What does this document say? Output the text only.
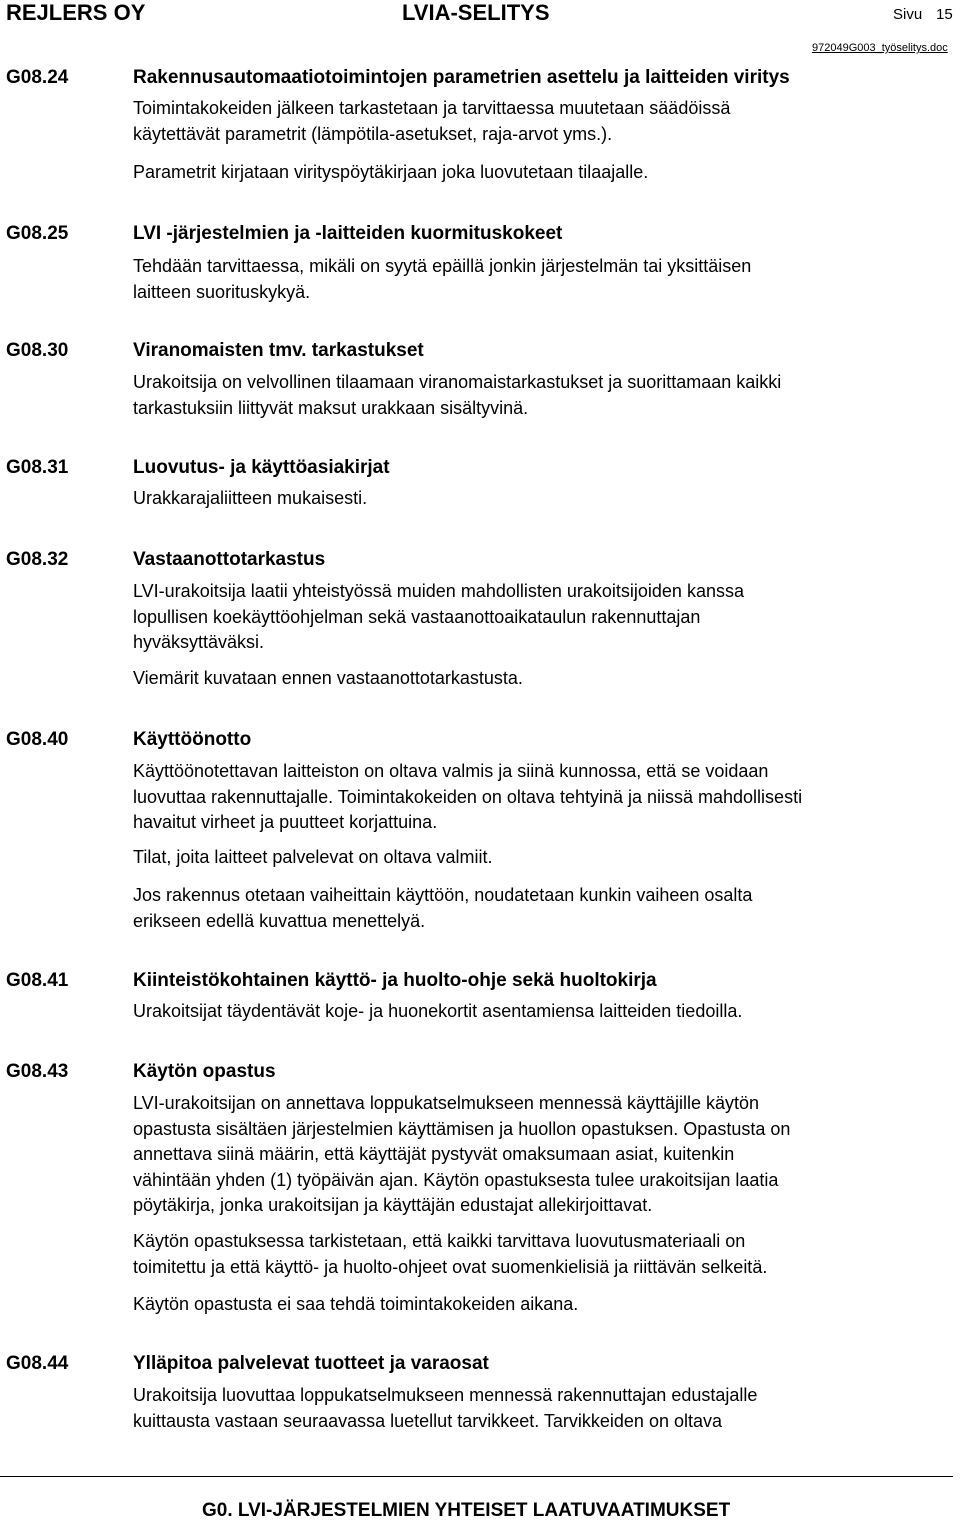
REJLERS OY	LVIA-SELITYS	Sivu 15
972049G003_työselitys.doc
G08.24	Rakennusautomaatiotoimintojen parametrien asettelu ja laitteiden viritys
Toimintakokeiden jälkeen tarkastetaan ja tarvittaessa muutetaan säädöissä
käytettävät parametrit (lämpötila-asetukset, raja-arvot yms.).
Parametrit kirjataan virityspöytäkirjaan joka luovutetaan tilaajalle.
G08.25	LVI -järjestelmien ja -laitteiden kuormituskokeet
Tehdään tarvittaessa, mikäli on syytä epäillä jonkin järjestelmän tai yksittäisen
laitteen suorituskykyä.
G08.30	Viranomaisten tmv. tarkastukset
Urakoitsija on velvollinen tilaamaan viranomaistarkastukset ja suorittamaan kaikki
tarkastuksiin liittyvät maksut urakkaan sisältyvinä.
G08.31	Luovutus- ja käyttöasiakirjat
Urakkarajaliitteen mukaisesti.
G08.32	Vastaanottotarkastus
LVI-urakoitsija laatii yhteistyössä muiden mahdollisten urakoitsijoiden kanssa
lopullisen koekäyttöohjelman sekä vastaanottoaikataulun rakennuttajan
hyväksyttäväksi.
Viemärit kuvataan ennen vastaanottotarkastusta.
G08.40	Käyttöönotto
Käyttöönotettavan laitteiston on oltava valmis ja siinä kunnossa, että se voidaan
luovuttaa rakennuttajalle. Toimintakokeiden on oltava tehtyinä ja niissä mahdollisesti
havaitut virheet ja puutteet korjattuina.
Tilat, joita laitteet palvelevat on oltava valmiit.
Jos rakennus otetaan vaiheittain käyttöön, noudatetaan kunkin vaiheen osalta
erikseen edellä kuvattua menettelyä.
G08.41	Kiinteistökohtainen käyttö- ja huolto-ohje sekä huoltokirja
Urakoitsijat täydentävät koje- ja huonekortit asentamiensa laitteiden tiedoilla.
G08.43	Käytön opastus
LVI-urakoitsijan on annettava loppukatselmukseen mennessä käyttäjille käytön
opastusta sisältäen järjestelmien käyttämisen ja huollon opastuksen. Opastusta on
annettava siinä määrin, että käyttäjät pystyvät omaksumaan asiat, kuitenkin
vähintään yhden (1) työpäivän ajan. Käytön opastuksesta tulee urakoitsijan laatia
pöytäkirja, jonka urakoitsijan ja käyttäjän edustajat allekirjoittavat.
Käytön opastuksessa tarkistetaan, että kaikki tarvittava luovutusmateriaali on
toimitettu ja että käyttö- ja huolto-ohjeet ovat suomenkielisiä ja riittävän selkeitä.
Käytön opastusta ei saa tehdä toimintakokeiden aikana.
G08.44	Ylläpitoa palvelevat tuotteet ja varaosat
Urakoitsija luovuttaa loppukatselmukseen mennessä rakennuttajan edustajalle
kuittausta vastaan seuraavassa luetellut tarvikkeet. Tarvikkeiden on oltava
G0. LVI-JÄRJESTELMIEN YHTEISET LAATUVAATIMUKSET
